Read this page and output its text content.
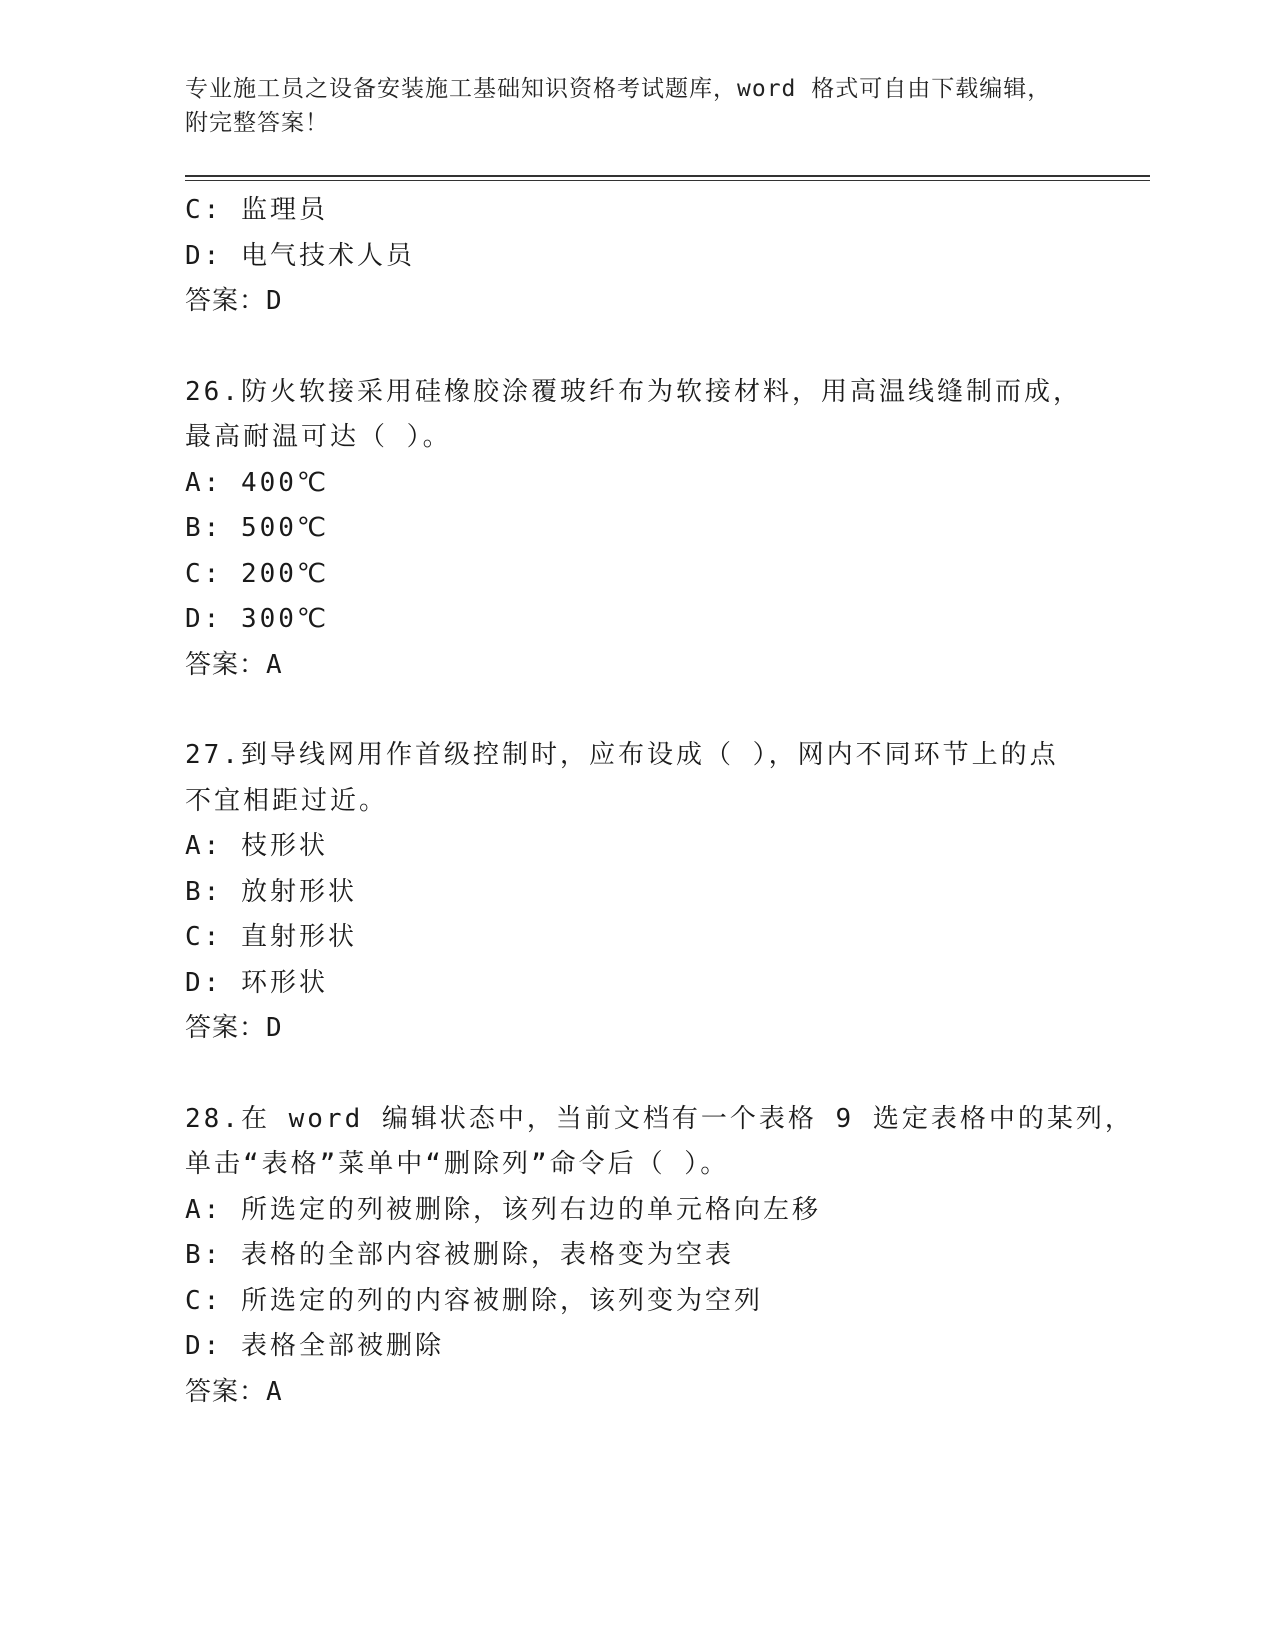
专业施工员之设备安装施工基础知识资格考试题库，word 格式可自由下载编辑，
附完整答案！
C: 监理员
D: 电气技术人员
答案：D
26.防火软接采用硅橡胶涂覆玻纤布为软接材料，用高温线缝制而成，
最高耐温可达（ ）。
A: 400℃
B: 500℃
C: 200℃
D: 300℃
答案：A
27.到导线网用作首级控制时，应布设成（ ），网内不同环节上的点
不宜相距过近。
A: 枝形状
B: 放射形状
C: 直射形状
D: 环形状
答案：D
28.在 word 编辑状态中，当前文档有一个表格 9 选定表格中的某列，
单击“表格”菜单中“删除列”命令后（ ）。
A: 所选定的列被删除，该列右边的单元格向左移
B: 表格的全部内容被删除，表格变为空表
C: 所选定的列的内容被删除，该列变为空列
D: 表格全部被删除
答案：A
